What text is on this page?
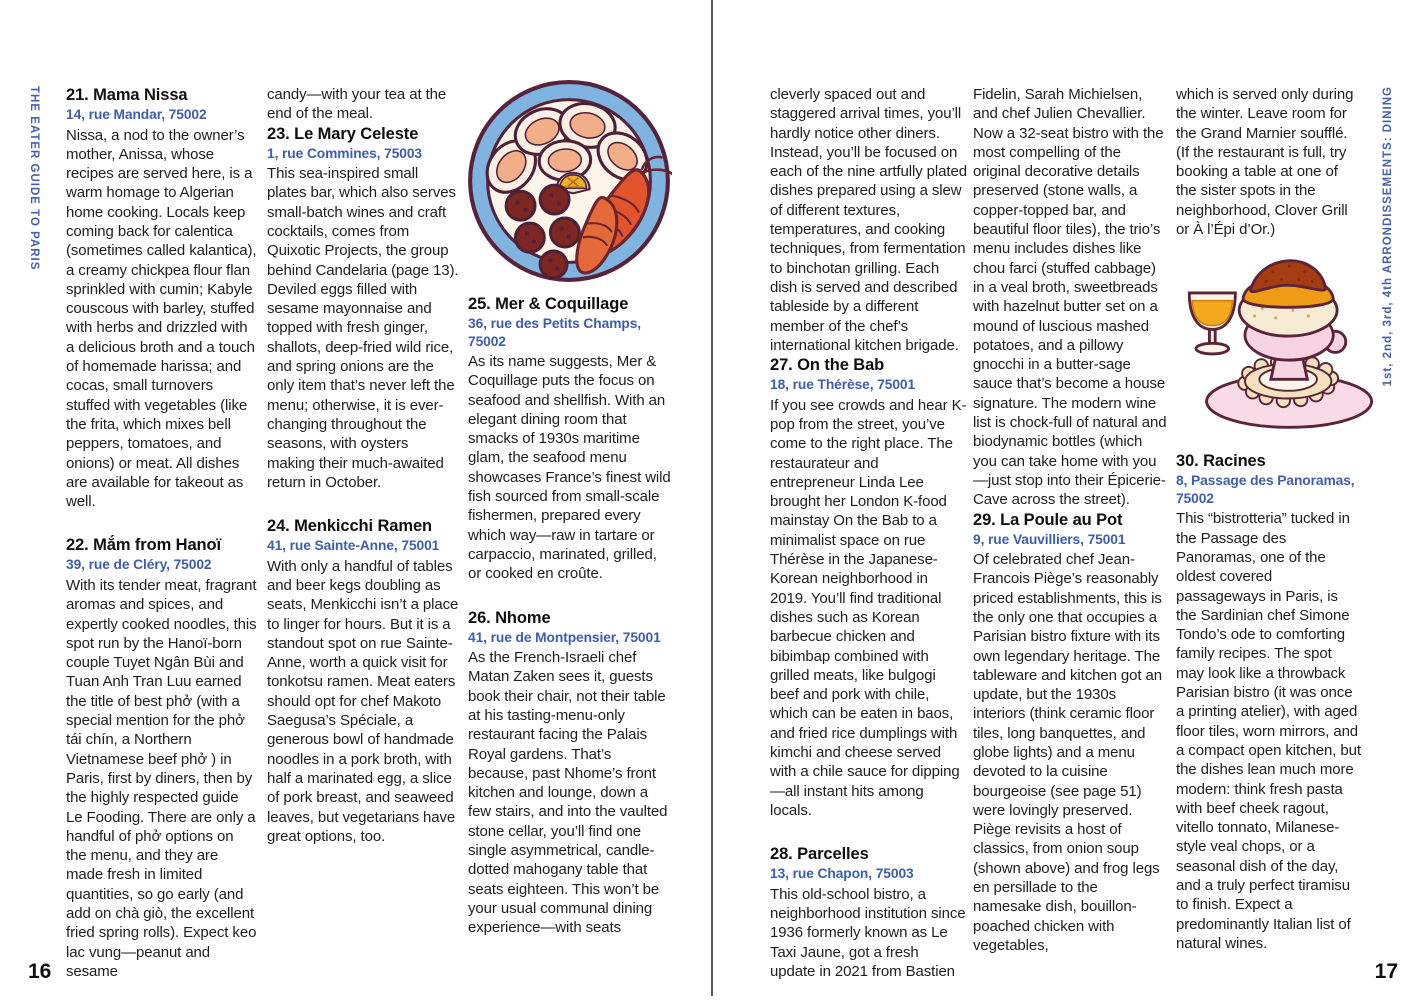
THE EATER GUIDE TO PARIS	1st, 2nd, 3rd, 4th ARRONDISSEMENTS: DINING
21. Mama Nissa
14, rue Mandar, 75002

Nissa, a nod to the owner’s mother, Anissa, whose recipes are served here, is a warm homage to Algerian home cooking. Locals keep coming back for calentica (sometimes called kalantica), a creamy chickpea flour flan sprinkled with cumin; Kabyle couscous with barley, stuffed with herbs and drizzled with a delicious broth and a touch of homemade harissa; and cocas, small turnovers stuffed with vegetables (like the frita, which mixes bell peppers, tomatoes, and onions) or meat. All dishes are available for takeout as well.

22. Mắm from Hanoï
39, rue de Cléry, 75002

With its tender meat, fragrant aromas and spices, and expertly cooked noodles, this spot run by the Hanoï-born couple Tuyet Ngân Bùi and Tuan Anh Tran Luu earned the title of best phở (with a special mention for the phở tái chín, a Northern Vietnamese beef phở ) in Paris, first by diners, then by the highly respected guide Le Fooding. There are only a handful of phở options on the menu, and they are made fresh in limited quantities, so go early (and add on chà giò, the excellent fried spring rolls). Expect keo lac vung—peanut and sesame

candy—with your tea at the end of the meal.

23. Le Mary Celeste
1, rue Commines, 75003

This sea-inspired small plates bar, which also serves small-batch wines and craft cocktails, comes from Quixotic Projects, the group behind Candelaria (page 13). Deviled eggs filled with sesame mayonnaise and topped with fresh ginger, shallots, deep-fried wild rice, and spring onions are the only item that’s never left the menu; otherwise, it is ever-changing throughout the seasons, with oysters making their much-awaited return in October.

24. Menkicchi Ramen
41, rue Sainte-Anne, 75001

With only a handful of tables and beer kegs doubling as seats, Menkicchi isn’t a place to linger for hours. But it is a standout spot on rue Sainte-Anne, worth a quick visit for tonkotsu ramen. Meat eaters should opt for chef Makoto Saegusa’s Spéciale, a generous bowl of handmade noodles in a pork broth, with half a marinated egg, a slice of pork breast, and seaweed leaves, but vegetarians have great options, too.

25. Mer & Coquillage
36, rue des Petits Champs, 75002

As its name suggests, Mer & Coquillage puts the focus on seafood and shellfish. With an elegant dining room that smacks of 1930s maritime glam, the seafood menu showcases France’s finest wild fish sourced from small-scale fishermen, prepared every which way—raw in tartare or carpaccio, marinated, grilled, or cooked en croûte.

26. Nhome
41, rue de Montpensier, 75001

As the French-Israeli chef Matan Zaken sees it, guests book their chair, not their table at his tasting-menu-only restaurant facing the Palais Royal gardens. That’s because, past Nhome’s front kitchen and lounge, down a few stairs, and into the vaulted stone cellar, you’ll find one single asymmetrical, candle-dotted mahogany table that seats eighteen. This won’t be your usual communal dining experience—with seats

cleverly spaced out and staggered arrival times, you’ll hardly notice other diners. Instead, you’ll be focused on each of the nine artfully plated dishes prepared using a slew of different textures, temperatures, and cooking techniques, from fermentation to binchotan grilling. Each dish is served and described tableside by a different member of the chef’s international kitchen brigade.

27. On the Bab
18, rue Thérèse, 75001

If you see crowds and hear K-pop from the street, you’ve come to the right place. The restaurateur and entrepreneur Linda Lee brought her London K-food mainstay On the Bab to a minimalist space on rue Thérèse in the Japanese-Korean neighborhood in 2019. You’ll find traditional dishes such as Korean barbecue chicken and bibimbap combined with grilled meats, like bulgogi beef and pork with chile, which can be eaten in baos, and fried rice dumplings with kimchi and cheese served with a chile sauce for dipping—all instant hits among locals.

28. Parcelles
13, rue Chapon, 75003

This old-school bistro, a neighborhood institution since 1936 formerly known as Le Taxi Jaune, got a fresh update in 2021 from Bastien

Fidelin, Sarah Michielsen, and chef Julien Chevallier. Now a 32-seat bistro with the most compelling of the original decorative details preserved (stone walls, a copper-topped bar, and beautiful floor tiles), the trio’s menu includes dishes like chou farci (stuffed cabbage) in a veal broth, sweetbreads with hazelnut butter set on a mound of luscious mashed potatoes, and a pillowy gnocchi in a butter-sage sauce that’s become a house signature. The modern wine list is chock-full of natural and biodynamic bottles (which you can take home with you—just stop into their Épicerie-Cave across the street).

29. La Poule au Pot
9, rue Vauvilliers, 75001

Of celebrated chef Jean-Francois Piège’s reasonably priced establishments, this is the only one that occupies a Parisian bistro fixture with its own legendary heritage. The tableware and kitchen got an update, but the 1930s interiors (think ceramic floor tiles, long banquettes, and globe lights) and a menu devoted to la cuisine bourgeoise (see page 51) were lovingly preserved. Piège revisits a host of classics, from onion soup (shown above) and frog legs en persillade to the namesake dish, bouillon-poached chicken with vegetables,

which is served only during the winter. Leave room for the Grand Marnier soufflé. (If the restaurant is full, try booking a table at one of the sister spots in the neighborhood, Clover Grill or À l’Épi d’Or.)

30. Racines
8, Passage des Panoramas, 75002

This “bistrotteria” tucked in the Passage des Panoramas, one of the oldest covered passageways in Paris, is the Sardinian chef Simone Tondo’s ode to comforting family recipes. The spot may look like a throwback Parisian bistro (it was once a printing atelier), with aged floor tiles, worn mirrors, and a compact open kitchen, but the dishes lean much more modern: think fresh pasta with beef cheek ragout, vitello tonnato, Milanese-style veal chops, or a seasonal dish of the day, and a truly perfect tiramisu to finish. Expect a predominantly Italian list of natural wines.

16	17
